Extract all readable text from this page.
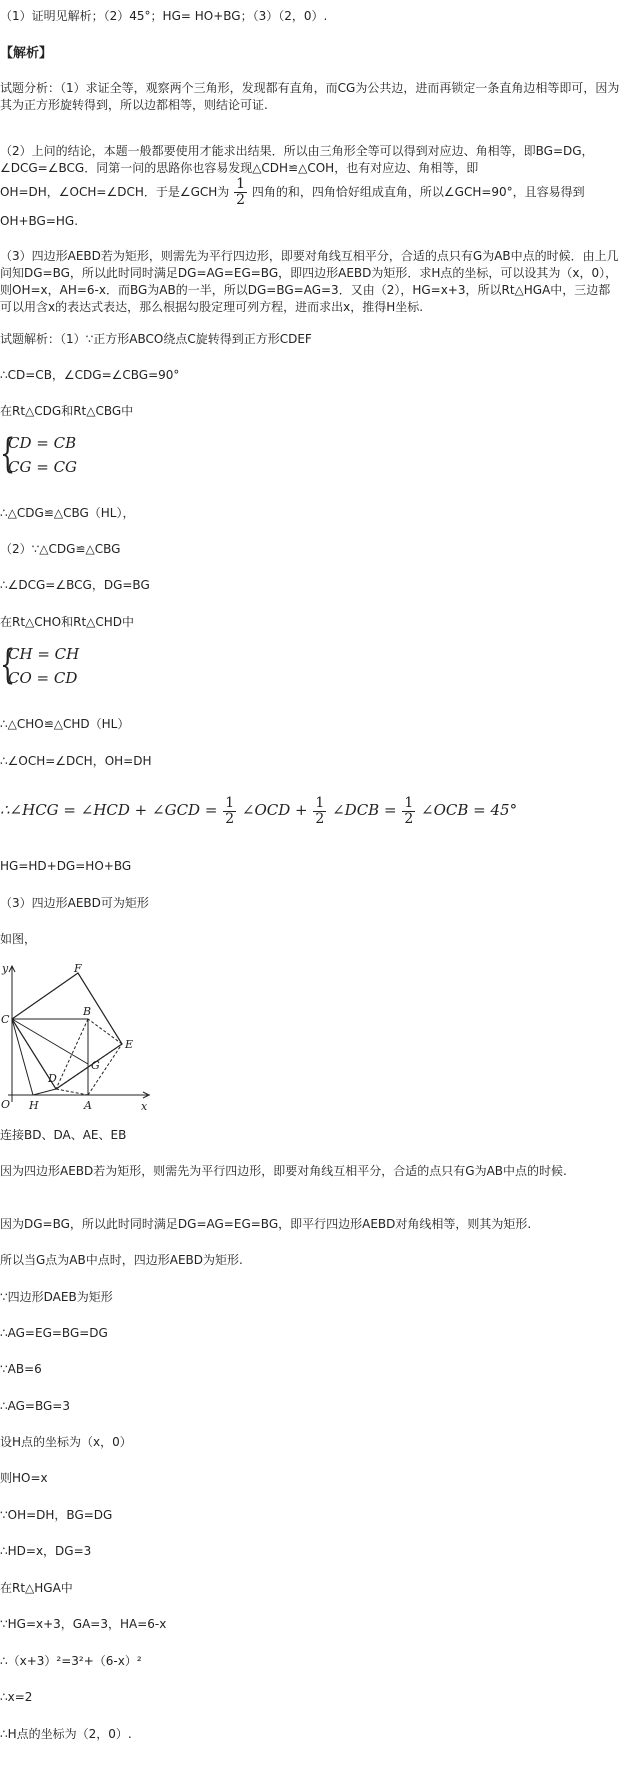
（1）证明见解析；（2）45°；HG= HO+BG；（3）（2，0）.
【解析】
试题分析：（1）求证全等，观察两个三角形，发现都有直角，而CG为公共边，进而再锁定一条直角边相等即可，因为其为正方形旋转得到，所以边都相等，则结论可证.
（2）上问的结论，本题一般都要使用才能求出结果．所以由三角形全等可以得到对应边、角相等，即BG=DG，∠DCG=∠BCG．同第一问的思路你也容易发现△CDH≌△COH，也有对应边、角相等，即
OH=DH，∠OCH=∠DCH．于是∠GCH为 $\frac{1}{2}$ 四角的和，四角恰好组成直角，所以∠GCH=90°，且容易得到
OH+BG=HG.
（3）四边形AEBD若为矩形，则需先为平行四边形，即要对角线互相平分，合适的点只有G为AB中点的时候．由上几问知DG=BG，所以此时同时满足DG=AG=EG=BG，即四边形AEBD为矩形．求H点的坐标，可以设其为（x，0），则OH=x，AH=6-x．而BG为AB的一半，所以DG=BG=AG=3．又由（2），HG=x+3，所以Rt△HGA中，三边都可以用含x的表达式表达，那么根据勾股定理可列方程，进而求出x，推得H坐标.
试题解析：（1）∵正方形ABCO绕点C旋转得到正方形CDEF
∴CD=CB，∠CDG=∠CBG=90°
在Rt△CDG和Rt△CBG中
{
CD = CB
CG = CG
∴△CDG≌△CBG（HL），
（2）∵△CDG≌△CBG
∴∠DCG=∠BCG，DG=BG
在Rt△CHO和Rt△CHD中
{
CH = CH
CO = CD
∴△CHO≌△CHD（HL）
∴∠OCH=∠DCH，OH=DH
∴∠HCG = ∠HCD + ∠GCD = $\frac{1}{2}$ ∠OCD + $\frac{1}{2}$ ∠DCB = $\frac{1}{2}$ ∠OCB = 45°
HG=HD+DG=HO+BG
（3）四边形AEBD可为矩形
如图，
y
x
O
C
F
B
E
D
G
H	A
连接BD、DA、AE、EB
因为四边形AEBD若为矩形，则需先为平行四边形，即要对角线互相平分，合适的点只有G为AB中点的时候.
因为DG=BG，所以此时同时满足DG=AG=EG=BG，即平行四边形AEBD对角线相等，则其为矩形.
所以当G点为AB中点时，四边形AEBD为矩形.
∵四边形DAEB为矩形
∴AG=EG=BG=DG
∵AB=6
∴AG=BG=3
设H点的坐标为（x，0）
则HO=x
∵OH=DH，BG=DG
∴HD=x，DG=3
在Rt△HGA中
∵HG=x+3，GA=3，HA=6-x
∴（x+3）²=3²+（6-x）²
∴x=2
∴H点的坐标为（2，0）.
